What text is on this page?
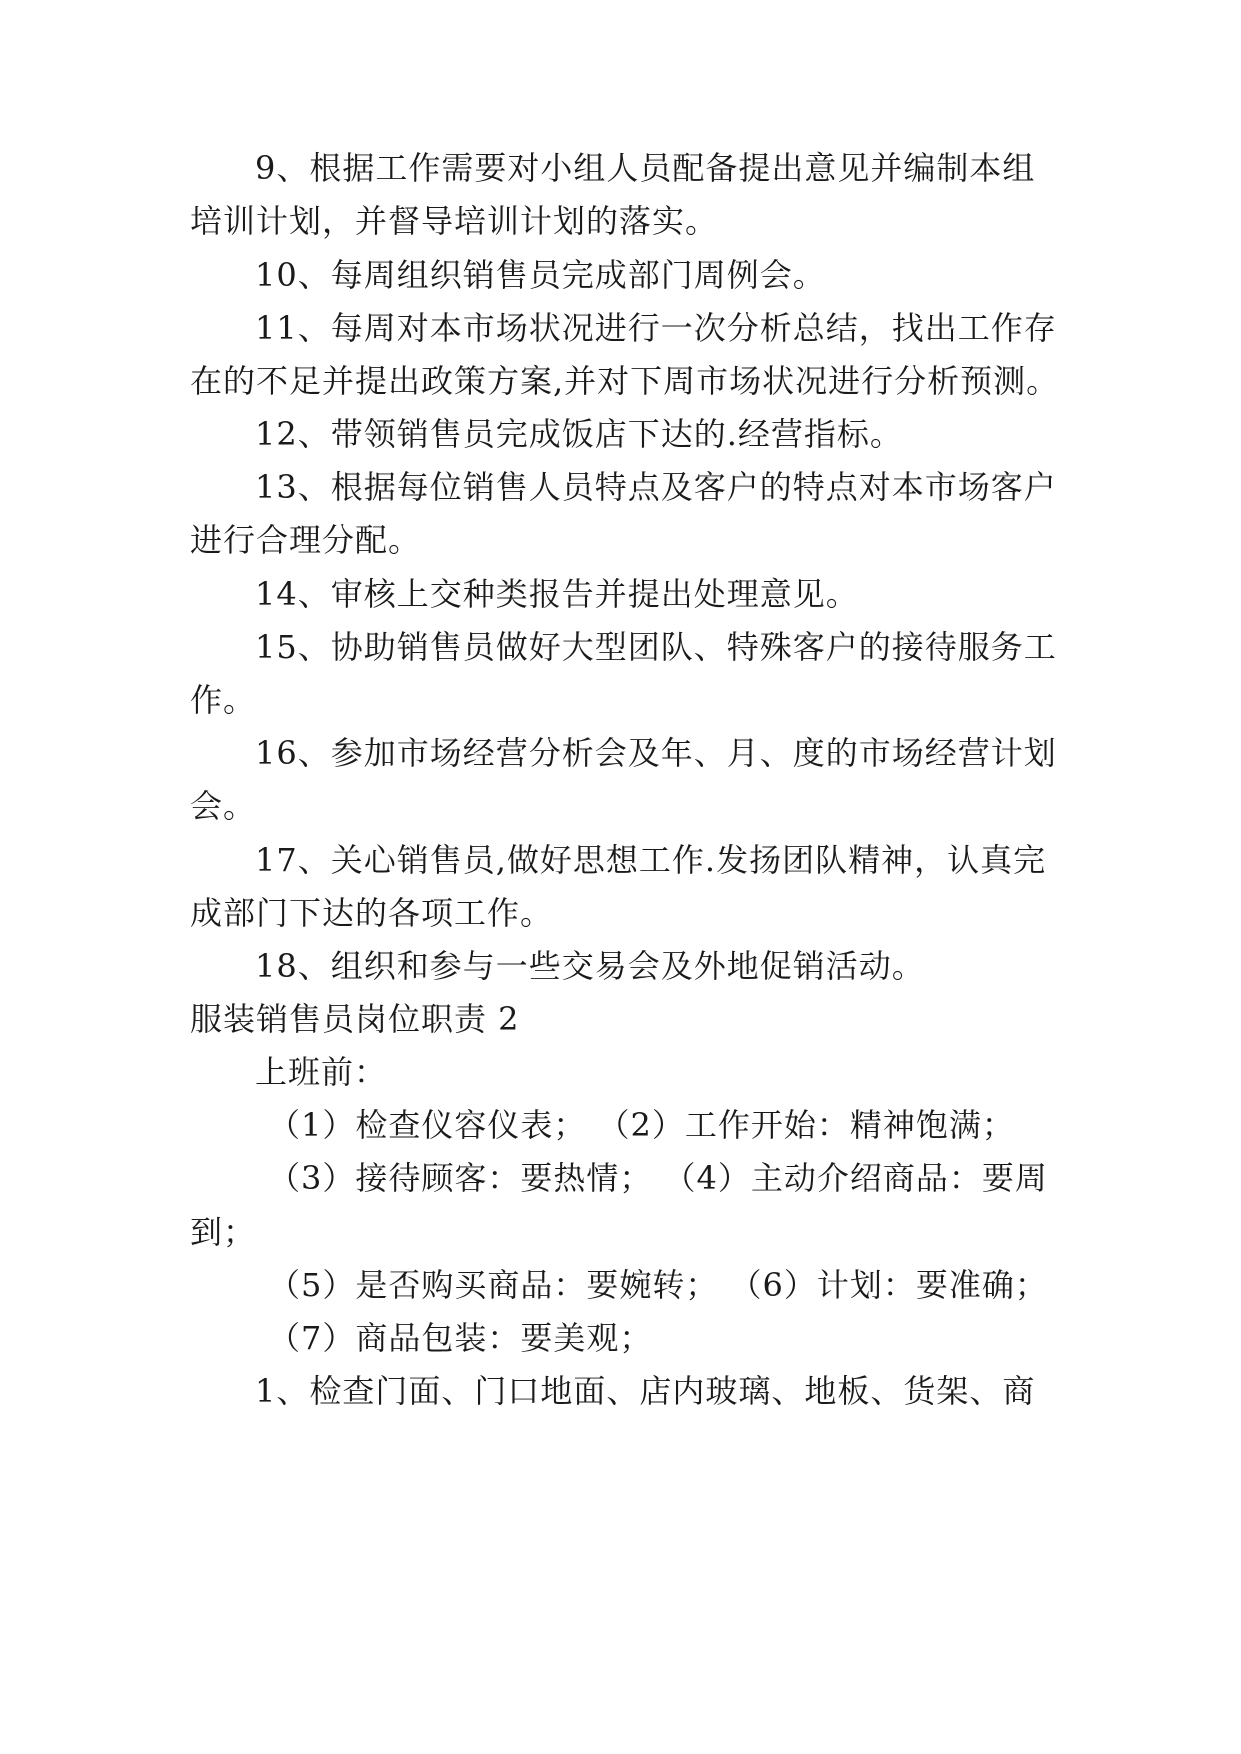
9、根据工作需要对小组人员配备提出意见并编制本组
培训计划，并督导培训计划的落实。
10、每周组织销售员完成部门周例会。
11、每周对本市场状况进行一次分析总结，找出工作存
在的不足并提出政策方案,并对下周市场状况进行分析预测。
12、带领销售员完成饭店下达的.经营指标。
13、根据每位销售人员特点及客户的特点对本市场客户
进行合理分配。
14、审核上交种类报告并提出处理意见。
15、协助销售员做好大型团队、特殊客户的接待服务工
作。
16、参加市场经营分析会及年、月、度的市场经营计划
会。
17、关心销售员,做好思想工作.发扬团队精神，认真完
成部门下达的各项工作。
18、组织和参与一些交易会及外地促销活动。
服装销售员岗位职责 2
上班前：
（1）检查仪容仪表； （2）工作开始：精神饱满；
（3）接待顾客：要热情； （4）主动介绍商品：要周
到；
（5）是否购买商品：要婉转； （6）计划：要准确；
（7）商品包装：要美观；
1、检查门面、门口地面、店内玻璃、地板、货架、商
